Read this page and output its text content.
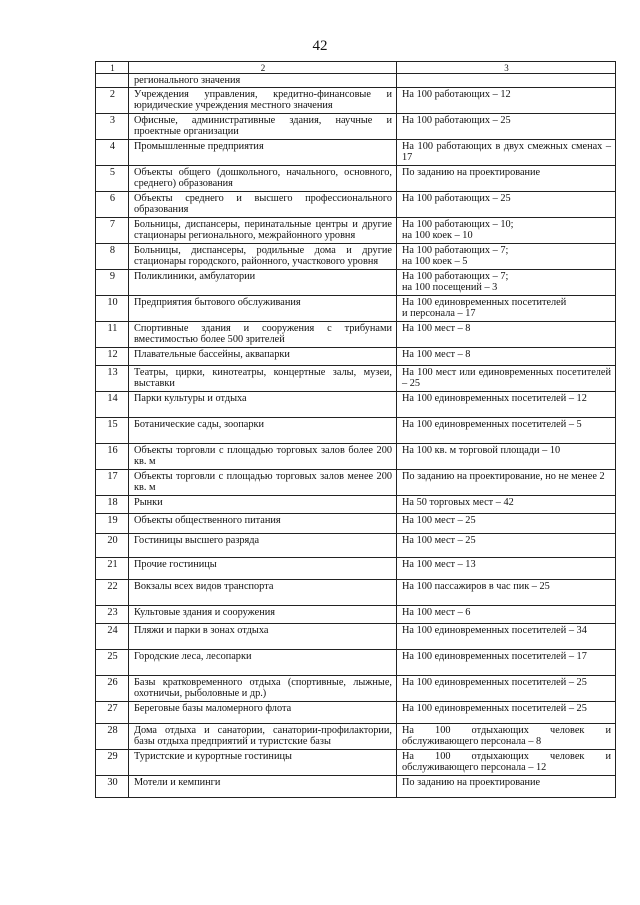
42
1	2	3
	регионального значения	
2	Учреждения управления, кредитно-финансовые и юридические учреждения местного значения	На 100 работающих – 12
3	Офисные, административные здания, научные и проектные организации	На 100 работающих – 25
4	Промышленные предприятия	На 100 работающих в двух смежных сменах – 17
5	Объекты общего (дошкольного, начального, основного, среднего) образования	По заданию на проектирование
6	Объекты среднего и высшего профессионального образования	На 100 работающих – 25
7	Больницы, диспансеры, перинатальные центры и другие стационары регионального, межрайонного уровня	На 100 работающих – 10;
на 100 коек – 10
8	Больницы, диспансеры, родильные дома и другие стационары городского, районного, участкового уровня	На 100 работающих – 7;
на 100 коек – 5
9	Поликлиники, амбулатории	На 100 работающих – 7;
на 100 посещений – 3
10	Предприятия бытового обслуживания	На 100 единовременных посетителей
и персонала – 17
11	Спортивные здания и сооружения с трибунами вместимостью более 500 зрителей	На 100 мест – 8
12	Плавательные бассейны, аквапарки	На 100 мест – 8
13	Театры, цирки, кинотеатры, концертные залы, музеи, выставки	На 100 мест или единовременных посетителей – 25
14	Парки культуры и отдыха	На 100 единовременных посетителей – 12
15	Ботанические сады, зоопарки	На 100 единовременных посетителей – 5
16	Объекты торговли с площадью торговых залов более 200 кв. м	На 100 кв. м торговой площади – 10
17	Объекты торговли с площадью торговых залов менее 200 кв. м	По заданию на проектирование, но не менее 2
18	Рынки	На 50 торговых мест – 42
19	Объекты общественного питания	На 100 мест – 25
20	Гостиницы высшего разряда	На 100 мест – 25
21	Прочие гостиницы	На 100 мест – 13
22	Вокзалы всех видов транспорта	На 100 пассажиров в час пик – 25
23	Культовые здания и сооружения	На 100 мест – 6
24	Пляжи и парки в зонах отдыха	На 100 единовременных посетителей – 34
25	Городские леса, лесопарки	На 100 единовременных посетителей – 17
26	Базы кратковременного отдыха (спортивные, лыжные, охотничьи, рыболовные и др.)	На 100 единовременных посетителей – 25
27	Береговые базы маломерного флота	На 100 единовременных посетителей – 25
28	Дома отдыха и санатории, санатории-профилактории, базы отдыха предприятий и туристские базы	На 100 отдыхающих человек и обслуживающего персонала – 8
29	Туристские и курортные гостиницы	На 100 отдыхающих человек и обслуживающего персонала – 12
30	Мотели и кемпинги	По заданию на проектирование
